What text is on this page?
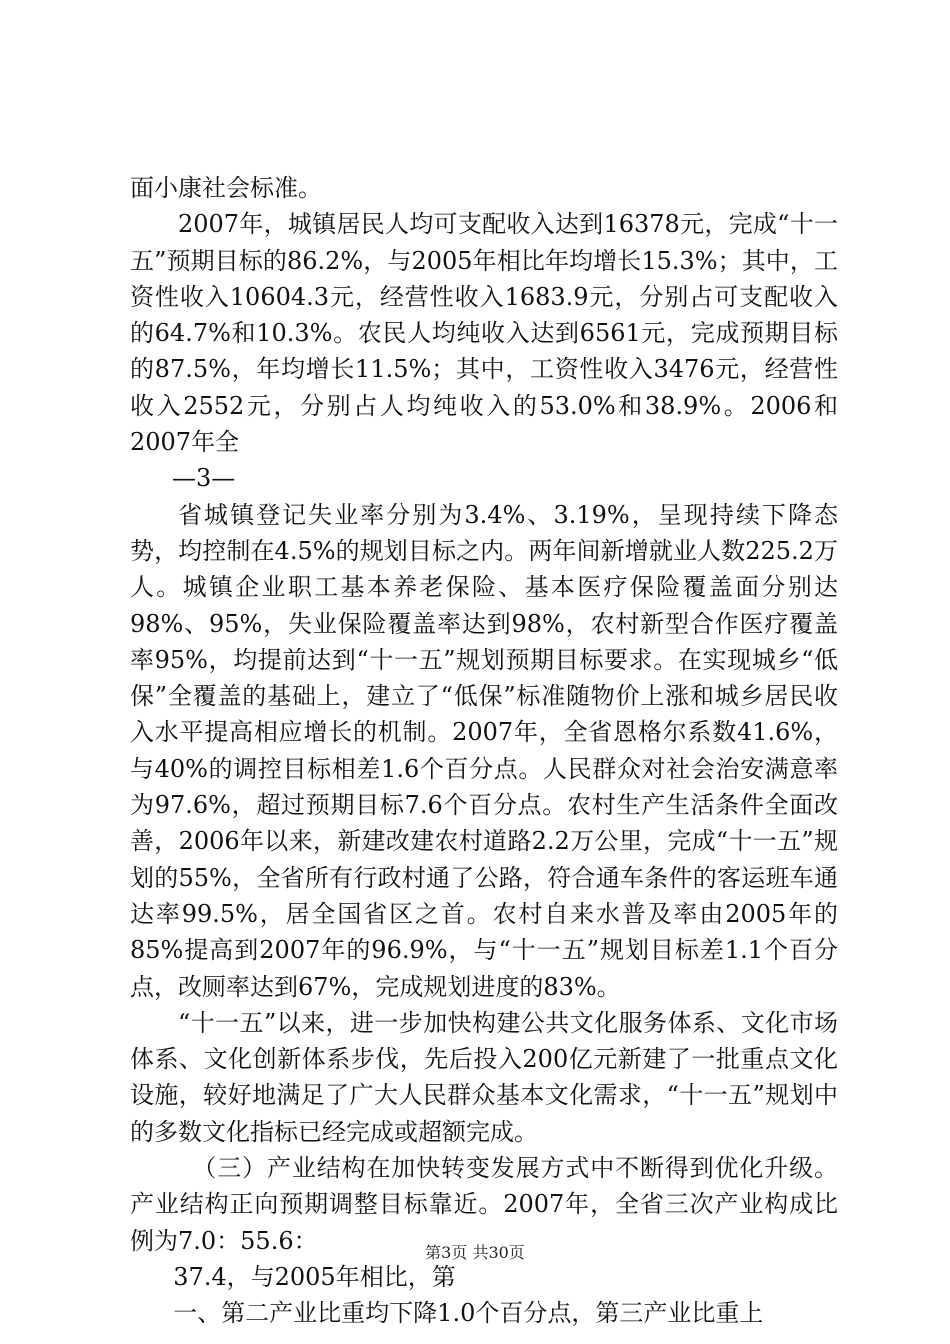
面小康社会标准。

2007年，城镇居民人均可支配收入达到16378元，完成“十一五”预期目标的86.2%，与2005年相比年均增长15.3%；其中，工资性收入10604.3元，经营性收入1683.9元，分别占可支配收入的64.7%和10.3%。农民人均纯收入达到6561元，完成预期目标的87.5%，年均增长11.5%；其中，工资性收入3476元，经营性收入2552元，分别占人均纯收入的53.0%和38.9%。2006和2007年全

—3—

省城镇登记失业率分别为3.4%、3.19%，呈现持续下降态势，均控制在4.5%的规划目标之内。两年间新增就业人数225.2万人。城镇企业职工基本养老保险、基本医疗保险覆盖面分别达98%、95%，失业保险覆盖率达到98%，农村新型合作医疗覆盖率95%，均提前达到“十一五”规划预期目标要求。在实现城乡“低保”全覆盖的基础上，建立了“低保”标准随物价上涨和城乡居民收入水平提高相应增长的机制。2007年，全省恩格尔系数41.6%，与40%的调控目标相差1.6个百分点。人民群众对社会治安满意率为97.6%，超过预期目标7.6个百分点。农村生产生活条件全面改善，2006年以来，新建改建农村道路2.2万公里，完成“十一五”规划的55%，全省所有行政村通了公路，符合通车条件的客运班车通达率99.5%，居全国省区之首。农村自来水普及率由2005年的85%提高到2007年的96.9%，与“十一五”规划目标差1.1个百分点，改厕率达到67%，完成规划进度的83%。

“十一五”以来，进一步加快构建公共文化服务体系、文化市场体系、文化创新体系步伐，先后投入200亿元新建了一批重点文化设施，较好地满足了广大人民群众基本文化需求，“十一五”规划中的多数文化指标已经完成或超额完成。

（三）产业结构在加快转变发展方式中不断得到优化升级。产业结构正向预期调整目标靠近。2007年，全省三次产业构成比例为7.0：55.6：

37.4，与2005年相比，第

一、第二产业比重均下降1.0个百分点，第三产业比重上

第3页 共30页
